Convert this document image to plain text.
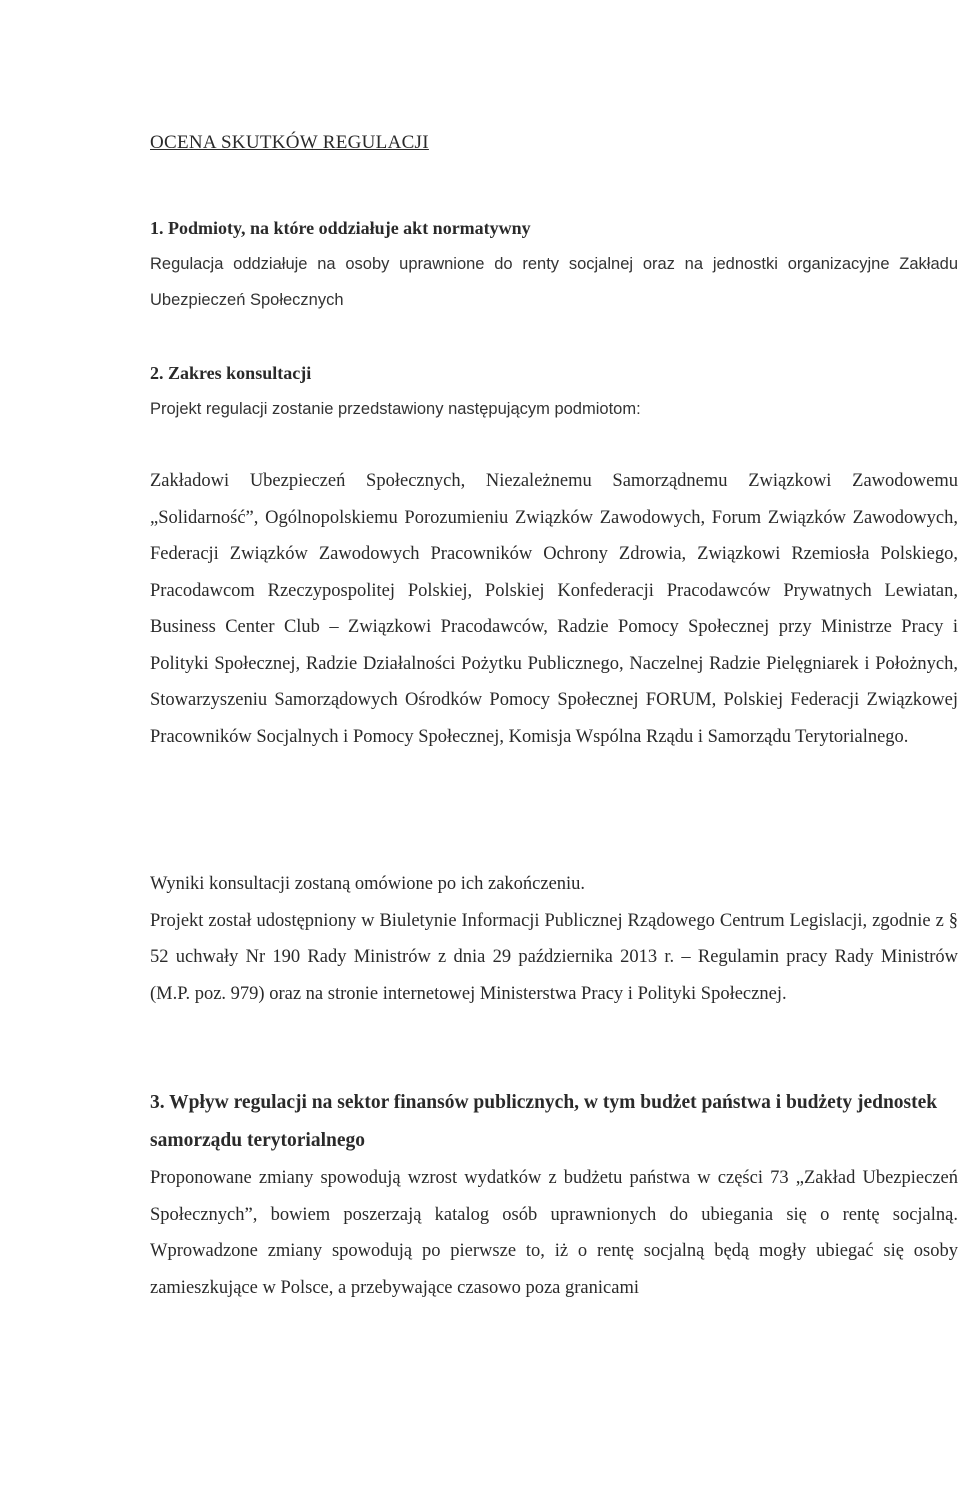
OCENA SKUTKÓW REGULACJI
1. Podmioty, na które oddziałuje akt normatywny

Regulacja oddziałuje na osoby uprawnione do renty socjalnej oraz na jednostki organizacyjne Zakładu Ubezpieczeń Społecznych

2. Zakres konsultacji

Projekt regulacji zostanie przedstawiony następującym podmiotom:

Zakładowi Ubezpieczeń Społecznych, Niezależnemu Samorządnemu Związkowi Zawodowemu „Solidarność”, Ogólnopolskiemu Porozumieniu Związków Zawodowych, Forum Związków Zawodowych, Federacji Związków Zawodowych Pracowników Ochrony Zdrowia, Związkowi Rzemiosła Polskiego, Pracodawcom Rzeczypospolitej Polskiej, Polskiej Konfederacji Pracodawców Prywatnych Lewiatan, Business Center Club – Związkowi Pracodawców, Radzie Pomocy Społecznej przy Ministrze Pracy i Polityki Społecznej, Radzie Działalności Pożytku Publicznego, Naczelnej Radzie Pielęgniarek i Położnych, Stowarzyszeniu Samorządowych Ośrodków Pomocy Społecznej FORUM, Polskiej Federacji Związkowej Pracowników Socjalnych i Pomocy Społecznej, Komisja Wspólna Rządu i Samorządu Terytorialnego.

Wyniki konsultacji zostaną omówione po ich zakończeniu.

Projekt został udostępniony w Biuletynie Informacji Publicznej Rządowego Centrum Legislacji, zgodnie z § 52 uchwały Nr 190 Rady Ministrów z dnia 29 października 2013 r. – Regulamin pracy Rady Ministrów (M.P. poz. 979) oraz na stronie internetowej Ministerstwa Pracy i Polityki Społecznej.

3. Wpływ regulacji na sektor finansów publicznych, w tym budżet państwa i budżety jednostek samorządu terytorialnego

Proponowane zmiany spowodują wzrost wydatków z budżetu państwa w części 73 „Zakład Ubezpieczeń Społecznych”, bowiem poszerzają katalog osób uprawnionych do ubiegania się o rentę socjalną. Wprowadzone zmiany spowodują po pierwsze to, iż o rentę socjalną będą mogły ubiegać się osoby zamieszkujące w Polsce, a przebywające czasowo poza granicami
